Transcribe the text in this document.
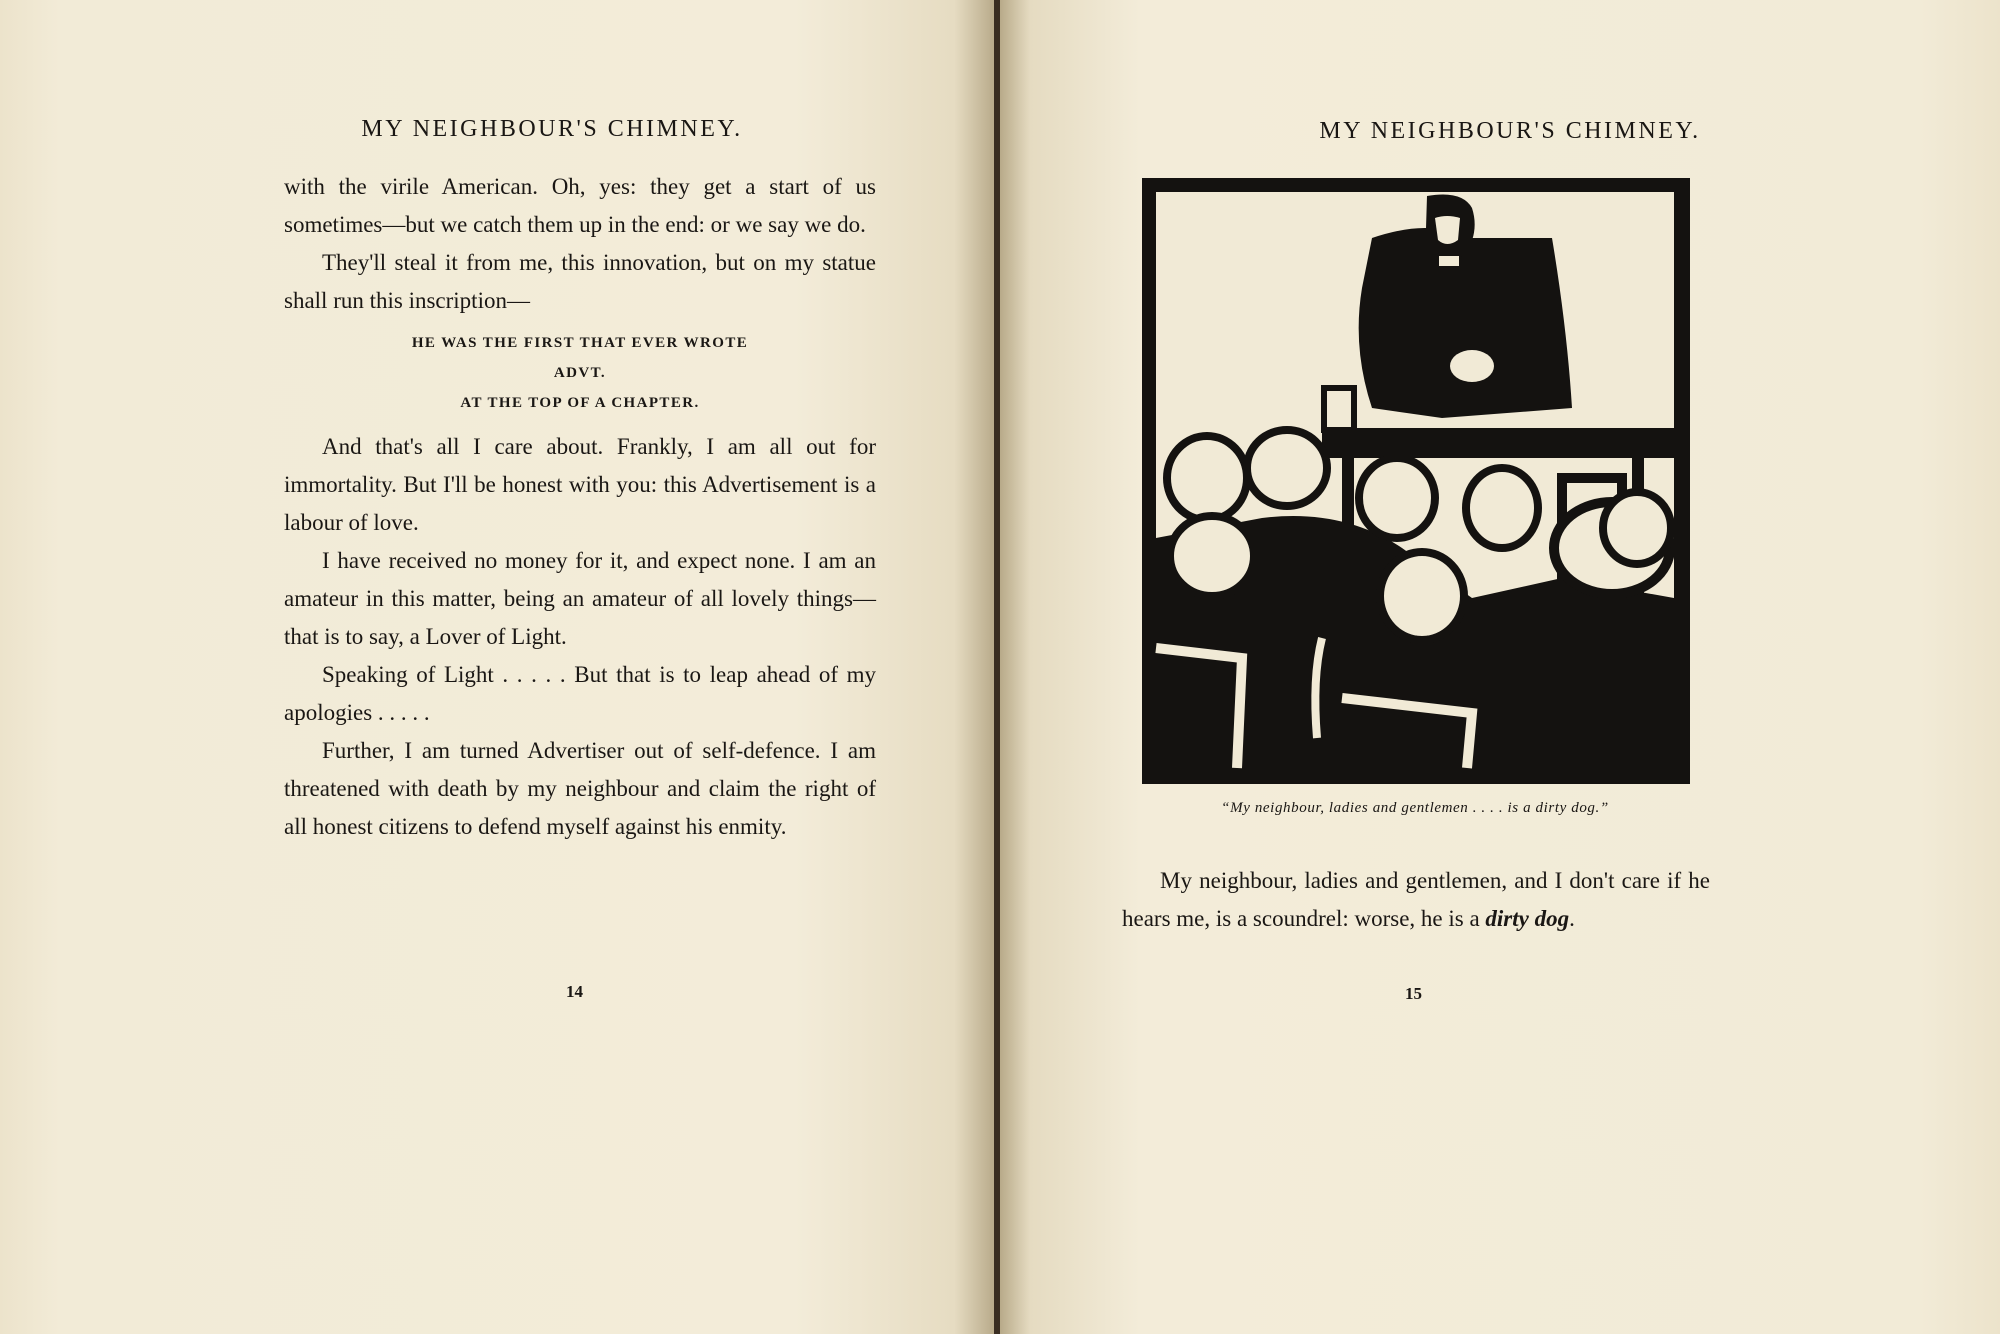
MY NEIGHBOUR'S CHIMNEY.

with the virile American. Oh, yes: they get a start of us sometimes—but we catch them up in the end: or we say we do.

They'll steal it from me, this innovation, but on my statue shall run this inscription—

HE WAS THE FIRST THAT EVER WROTE
ADVT.
AT THE TOP OF A CHAPTER.

And that's all I care about. Frankly, I am all out for immortality. But I'll be honest with you: this Advertisement is a labour of love.

I have received no money for it, and expect none. I am an amateur in this matter, being an amateur of all lovely things—that is to say, a Lover of Light.

Speaking of Light . . . . . But that is to leap ahead of my apologies . . . . .

Further, I am turned Advertiser out of self-defence. I am threatened with death by my neighbour and claim the right of all honest citizens to defend myself against his enmity.

14
MY NEIGHBOUR'S CHIMNEY.
“My neighbour, ladies and gentlemen . . . . is a dirty dog.”

My neighbour, ladies and gentlemen, and I don't care if he hears me, is a scoundrel: worse, he is a dirty dog.

15
